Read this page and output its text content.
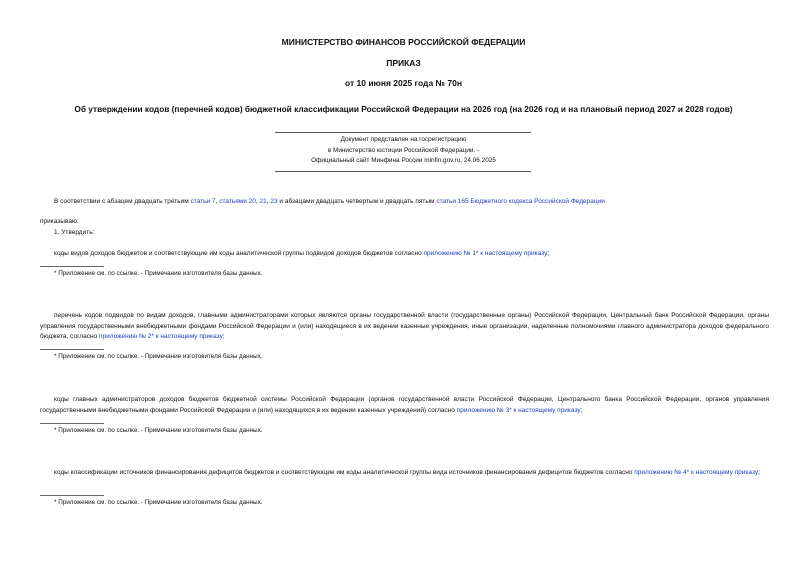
МИНИСТЕРСТВО ФИНАНСОВ РОССИЙСКОЙ ФЕДЕРАЦИИ
ПРИКАЗ
от 10 июня 2025 года № 70н
Об утверждении кодов (перечней кодов) бюджетной классификации Российской Федерации на 2026 год (на 2026 год и на плановый период 2027 и 2028 годов)
Документ представлен на госрегистрацию
в Министерство юстиции Российской Федерации. -
Официальный сайт Минфина России minfin.gov.ru, 24.06.2025
В соответствии с абзацем двадцать третьим статьи 7, статьями 20, 21, 23 и абзацами двадцать четвертым и двадцать пятым статьи 165 Бюджетного кодекса Российской Федерации
приказываю:
1. Утвердить:
коды видов доходов бюджетов и соответствующие им коды аналитической группы подвидов доходов бюджетов согласно приложению № 1* к настоящему приказу;
* Приложение см. по ссылке. - Примечание изготовителя базы данных.
перечень кодов подвидов по видам доходов, главными администраторами которых являются органы государственной власти (государственные органы) Российской Федерации, Центральный банк Российской Федерации, органы управления государственными внебюджетными фондами Российской Федерации и (или) находящиеся в их ведении казенные учреждения, иные организации, наделенные полномочиями главного администратора доходов федерального бюджета, согласно приложению № 2* к настоящему приказу;
* Приложение см. по ссылке. - Примечание изготовителя базы данных.
коды главных администраторов доходов бюджетов бюджетной системы Российской Федерации (органов государственной власти Российской Федерации, Центрального банка Российской Федерации, органов управления государственными внебюджетными фондами Российской Федерации и (или) находящихся в их ведении казенных учреждений) согласно приложению № 3* к настоящему приказу;
* Приложение см. по ссылке. - Примечание изготовителя базы данных.
коды классификации источников финансирования дефицитов бюджетов и соответствующие им коды аналитической группы вида источников финансирования дефицитов бюджетов согласно приложению № 4* к настоящему приказу;
* Приложение см. по ссылке. - Примечание изготовителя базы данных.
